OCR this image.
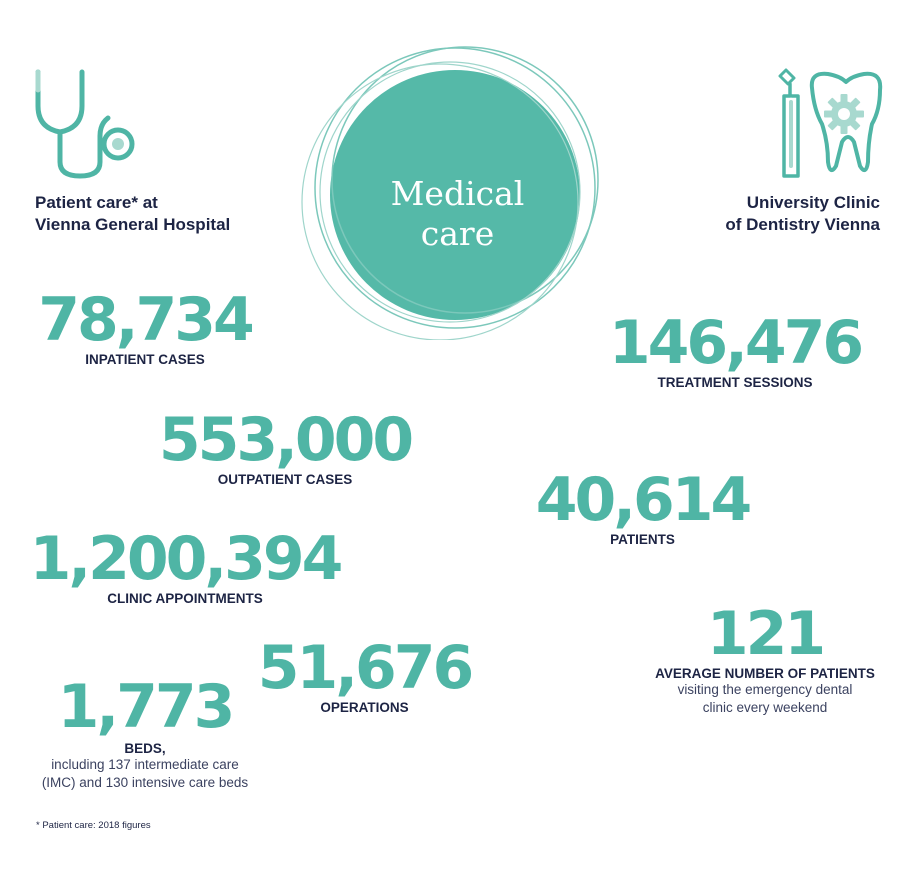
Patient care* at
Vienna General Hospital
Medical
care
University Clinic
of Dentistry Vienna
78,734
INPATIENT CASES
553,000
OUTPATIENT CASES
1,200,394
CLINIC APPOINTMENTS
51,676
OPERATIONS
1,773
BEDS,
including 137 intermediate care
(IMC) and 130 intensive care beds
146,476
TREATMENT SESSIONS
40,614
PATIENTS
121
AVERAGE NUMBER OF PATIENTS
visiting the emergency dental
clinic every weekend
* Patient care: 2018 figures
